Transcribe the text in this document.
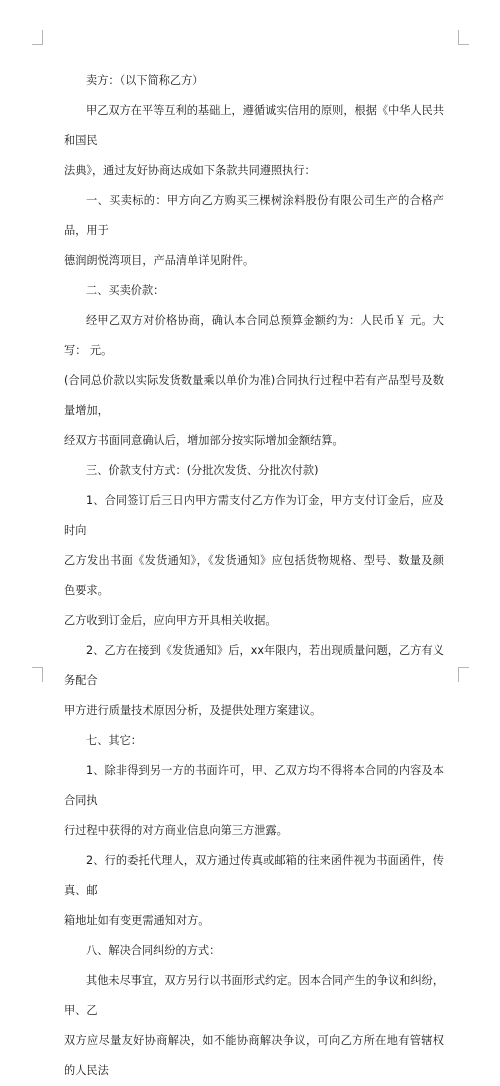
卖方：（以下简称乙方）

甲乙双方在平等互利的基础上，遵循诚实信用的原则，根据《中华人民共和国民
法典》，通过友好协商达成如下条款共同遵照执行：

一、买卖标的：甲方向乙方购买三棵树涂料股份有限公司生产的合格产品，用于
德润朗悦湾项目，产品清单详见附件。

二、买卖价款：

经甲乙双方对价格协商，确认本合同总预算金额约为：人民币￥ 元。大写： 元。
(合同总价款以实际发货数量乘以单价为准)合同执行过程中若有产品型号及数量增加，
经双方书面同意确认后，增加部分按实际增加金额结算。

三、价款支付方式：(分批次发货、分批次付款)

1、合同签订后三日内甲方需支付乙方作为订金，甲方支付订金后，应及时向
乙方发出书面《发货通知》，《发货通知》应包括货物规格、型号、数量及颜色要求。
乙方收到订金后，应向甲方开具相关收据。

2、乙方在接到《发货通知》后，xx年限内，若出现质量问题，乙方有义务配合
甲方进行质量技术原因分析，及提供处理方案建议。

七、其它：

1、除非得到另一方的书面许可，甲、乙双方均不得将本合同的内容及本合同执
行过程中获得的对方商业信息向第三方泄露。

2、行的委托代理人，双方通过传真或邮箱的往来函件视为书面函件，传真、邮
箱地址如有变更需通知对方。

八、解决合同纠纷的方式：

其他未尽事宜，双方另行以书面形式约定。因本合同产生的争议和纠纷，甲、乙
双方应尽量友好协商解决，如不能协商解决争议，可向乙方所在地有管辖权的人民法
